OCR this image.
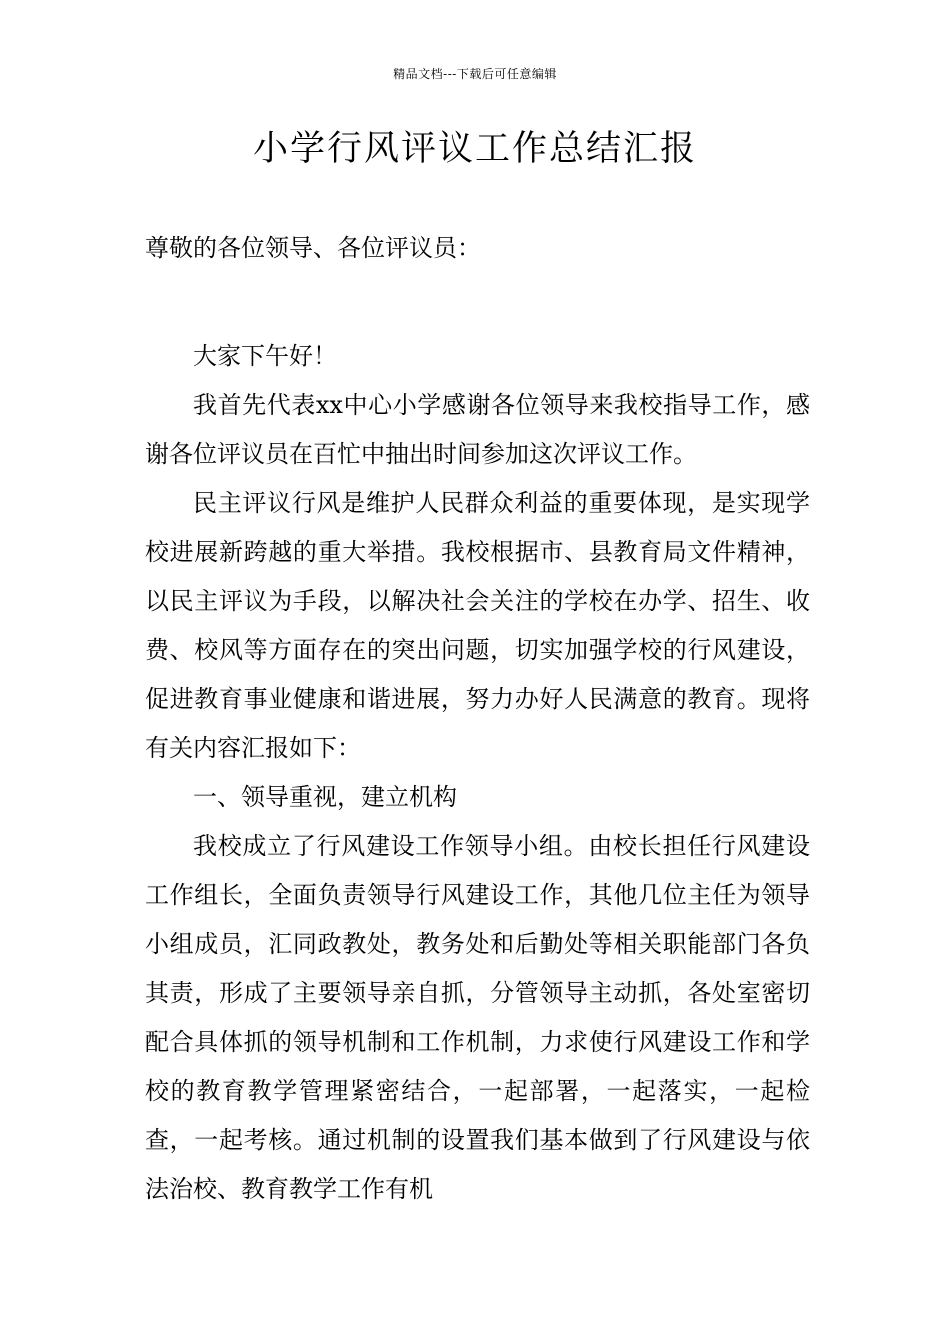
精品文档---下载后可任意编辑
小学行风评议工作总结汇报
尊敬的各位领导、各位评议员：

大家下午好！

我首先代表xx中心小学感谢各位领导来我校指导工作，感谢各位评议员在百忙中抽出时间参加这次评议工作。

民主评议行风是维护人民群众利益的重要体现，是实现学校进展新跨越的重大举措。我校根据市、县教育局文件精神，以民主评议为手段，以解决社会关注的学校在办学、招生、收费、校风等方面存在的突出问题，切实加强学校的行风建设，促进教育事业健康和谐进展，努力办好人民满意的教育。现将有关内容汇报如下：

一、领导重视，建立机构

我校成立了行风建设工作领导小组。由校长担任行风建设工作组长，全面负责领导行风建设工作，其他几位主任为领导小组成员，汇同政教处，教务处和后勤处等相关职能部门各负其责，形成了主要领导亲自抓，分管领导主动抓，各处室密切配合具体抓的领导机制和工作机制，力求使行风建设工作和学校的教育教学管理紧密结合，一起部署，一起落实，一起检查，一起考核。通过机制的设置我们基本做到了行风建设与依法治校、教育教学工作有机
